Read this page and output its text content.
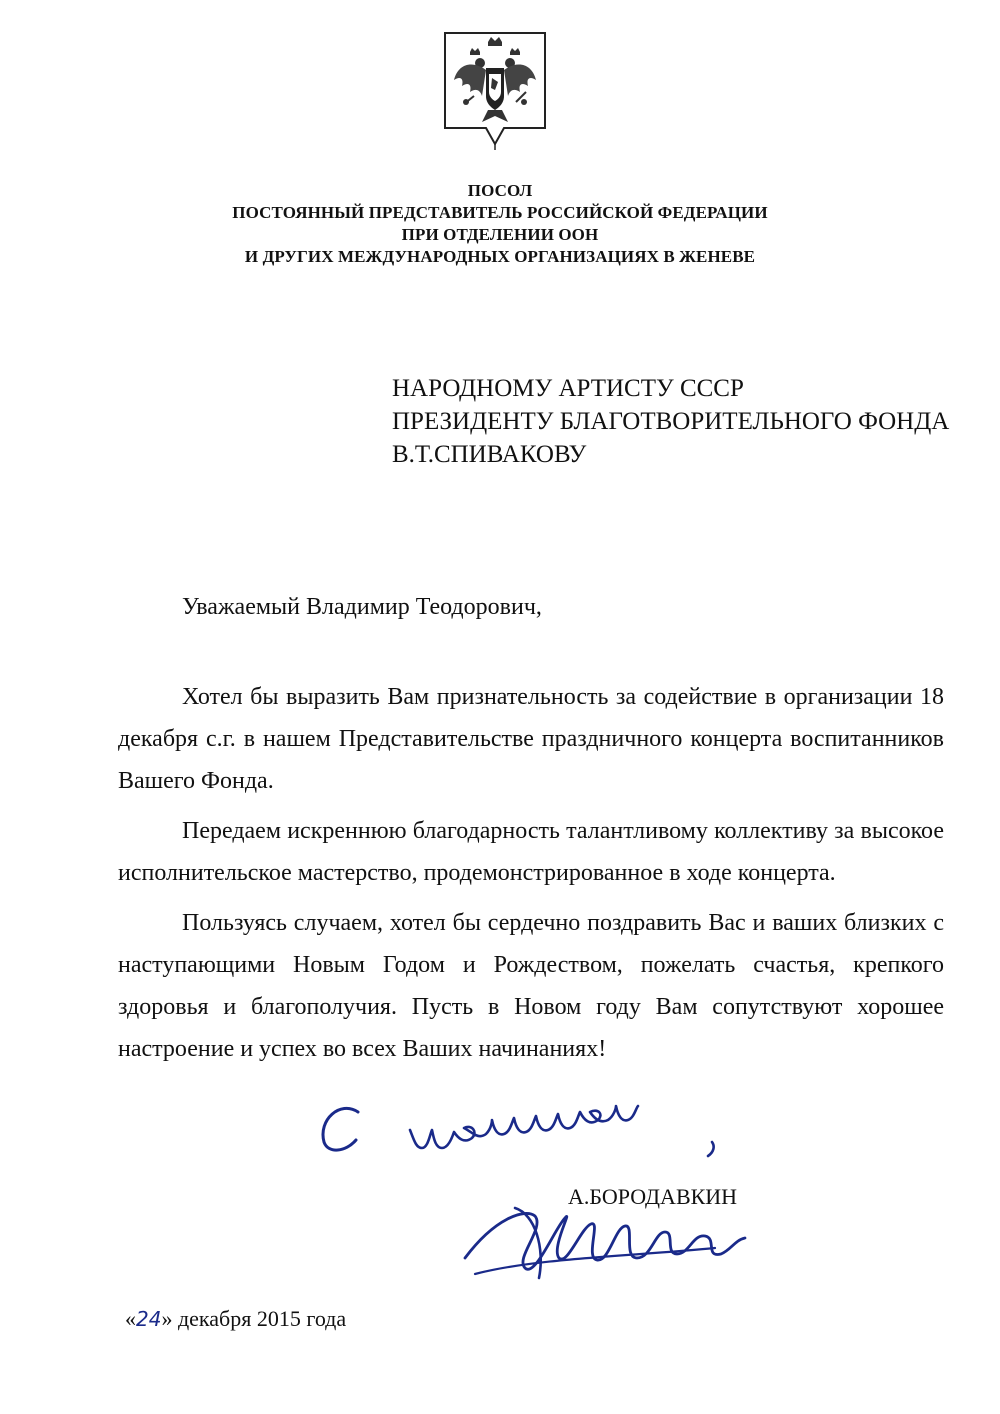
ПОСОЛ
ПОСТОЯННЫЙ ПРЕДСТАВИТЕЛЬ РОССИЙСКОЙ ФЕДЕРАЦИИ
ПРИ ОТДЕЛЕНИИ ООН
И ДРУГИХ МЕЖДУНАРОДНЫХ ОРГАНИЗАЦИЯХ В ЖЕНЕВЕ
НАРОДНОМУ АРТИСТУ СССР
ПРЕЗИДЕНТУ БЛАГОТВОРИТЕЛЬНОГО ФОНДА
В.Т.СПИВАКОВУ
Уважаемый Владимир Теодорович,

Хотел бы выразить Вам признательность за содействие в организации 18 декабря с.г. в нашем Представительстве праздничного концерта воспитанников Вашего Фонда.

Передаем искреннюю благодарность талантливому коллективу за высокое исполнительское мастерство, продемонстрированное в ходе концерта.

Пользуясь случаем, хотел бы сердечно поздравить Вас и ваших близких с наступающими Новым Годом и Рождеством, пожелать счастья, крепкого здоровья и благополучия. Пусть в Новом году Вам сопутствуют хорошее настроение и успех во всех Ваших начинаниях!

А.БОРОДАВКИН
«24» декабря 2015 года
